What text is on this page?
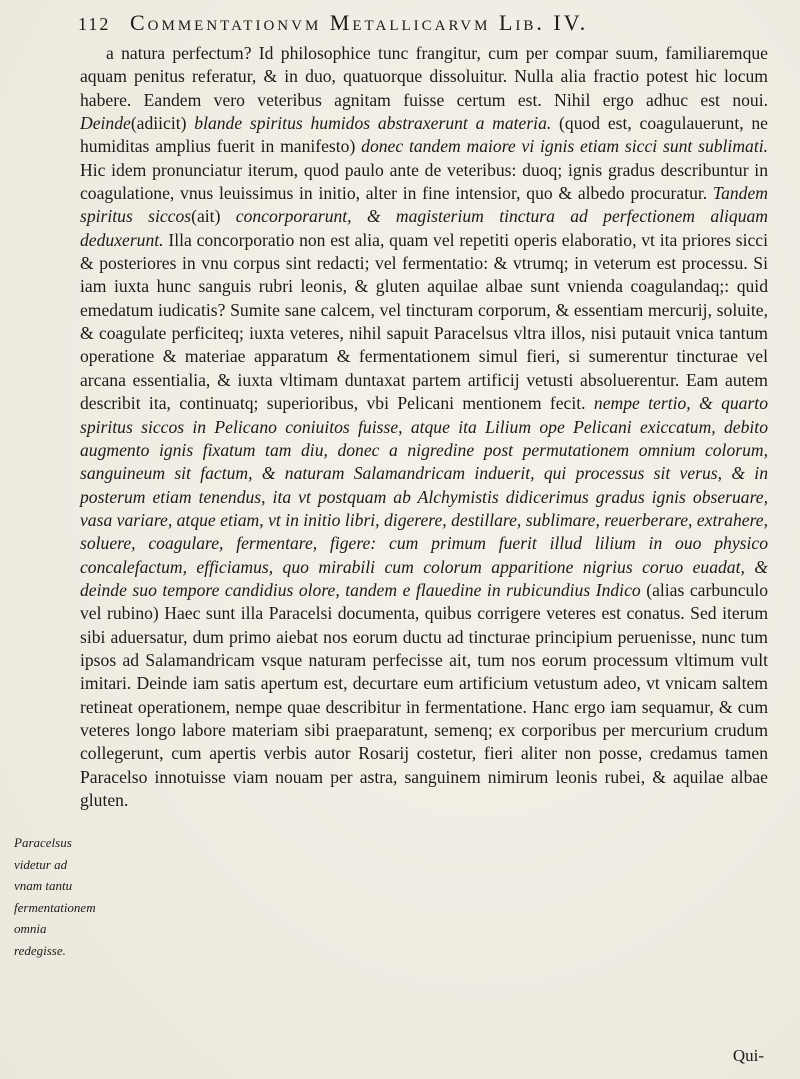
112 Commentationvm Metallicarvm Lib. IV.

a natura perfectum? Id philosophice tunc frangitur, cum per compar suum, familiaremque aquam penitus referatur, & in duo, quatuorque dissoluitur. Nulla alia fractio potest hic locum habere. Eandem vero veteribus agnitam fuisse certum est. Nihil ergo adhuc est noui. Deinde(adiicit) blande spiritus humidos abstraxerunt a materia. (quod est, coagulauerunt, ne humiditas amplius fuerit in manifesto) donec tandem maiore vi ignis etiam sicci sunt sublimati. Hic idem pronunciatur iterum, quod paulo ante de veteribus: duoq; ignis gradus describuntur in coagulatione, vnus leuissimus in initio, alter in fine intensior, quo & albedo procuratur. Tandem spiritus siccos(ait) concorporarunt, & magisterium tinctura ad perfectionem aliquam deduxerunt. Illa concorporatio non est alia, quam vel repetiti operis elaboratio, vt ita priores sicci & posteriores in vnu corpus sint redacti; vel fermentatio: & vtrumq; in veterum est processu. Si iam iuxta hunc sanguis rubri leonis, & gluten aquilae albae sunt vnienda coagulandaq;: quid emedatum iudicatis? Sumite sane calcem, vel tincturam corporum, & essentiam mercurij, soluite, & coagulate perficiteq; iuxta veteres, nihil sapuit Paracelsus vltra illos, nisi putauit vnica tantum operatione & materiae apparatum & fermentationem simul fieri, si sumerentur tincturae vel arcana essentialia, & iuxta vltimam duntaxat partem artificij vetusti absoluerentur. Eam autem describit ita, continuatq; superioribus, vbi Pelicani mentionem fecit. nempe tertio, & quarto spiritus siccos in Pelicano coniuitos fuisse, atque ita Lilium ope Pelicani exiccatum, debito augmento ignis fixatum tam diu, donec a nigredine post permutationem omnium colorum, sanguineum sit factum, & naturam Salamandricam induerit, qui processus sit verus, & in posterum etiam tenendus, ita vt postquam ab Alchymistis didicerimus gradus ignis obseruare, vasa variare, atque etiam, vt in initio libri, digerere, destillare, sublimare, reuerberare, extrahere, soluere, coagulare, fermentare, figere: cum primum fuerit illud lilium in ouo physico concalefactum, efficiamus, quo mirabili cum colorum apparitione nigrius coruo euadat, & deinde suo tempore candidius olore, tandem e flauedine in rubicundius Indico (alias carbunculo vel rubino) Haec sunt illa Paracelsi documenta, quibus corrigere veteres est conatus. Sed iterum sibi aduersatur, dum primo aiebat nos eorum ductu ad tincturae principium peruenisse, nunc tum ipsos ad Salamandricam vsque naturam perfecisse ait, tum nos eorum processum vltimum vult imitari. Deinde iam satis apertum est, decurtare eum artificium vetustum adeo, vt vnicam saltem retineat operationem, nempe quae describitur in fermentatione. Hanc ergo iam sequamur, & cum veteres longo labore materiam sibi praeparatunt, semenq; ex corporibus per mercurium crudum collegerunt, cum apertis verbis autor Rosarij costetur, fieri aliter non posse, credamus tamen Paracelso innotuisse viam nouam per astra, sanguinem nimirum leonis rubei, & aquilae albae gluten.

Paracelsus videtur ad vnam tantu fermentationem omnia redegisse.
Qui-
